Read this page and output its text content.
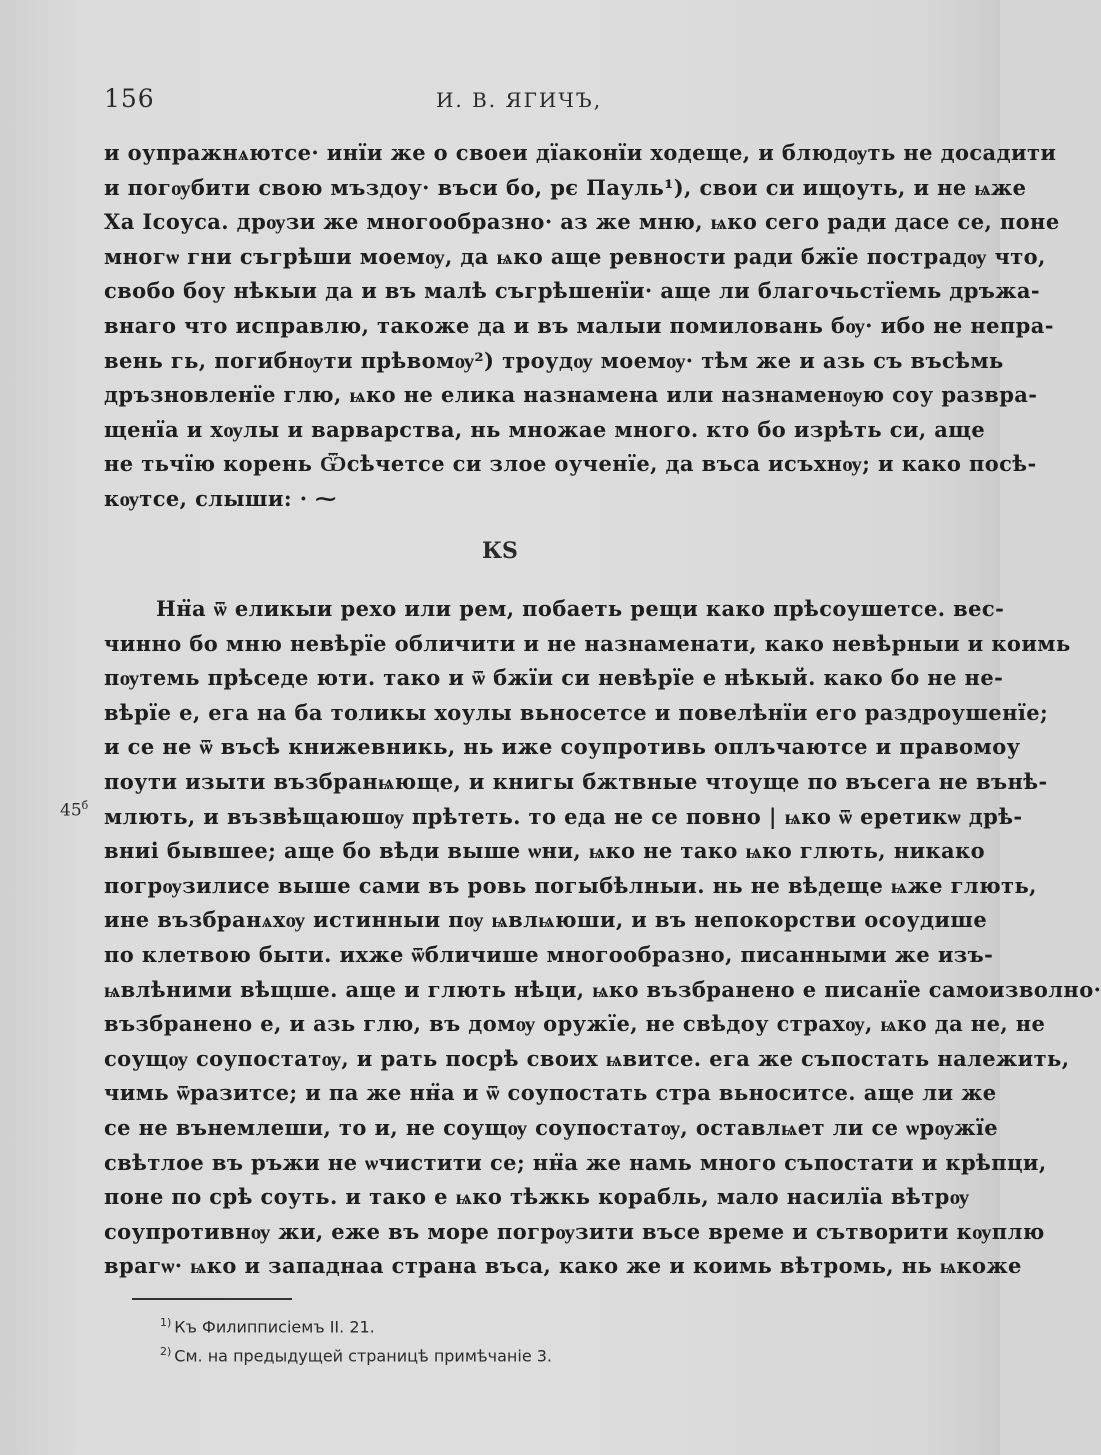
156	И. В. ЯГИЧЪ,
и оупражнѧютсе· инїи же о своеи дїаконїи ходеще, и блюдѹть не досадити
и погѹбити свою мъздоу· въси бо, рє Пауль¹), свои си ищоуть, и не ѩже
Ха Ісоуса. дрѹзи же многообразно· аз же мню, ѩко сего ради дасе се, поне
многѡ гни съгрѣши моемѹ, да ѩко аще ревности ради бжїе пострадѹ что,
свобо боу нѣкыи да и въ малѣ съгрѣшенїи· аще ли благочьстїемь дръжа-
внаго что исправлю, такоже да и въ малыи помиловань бѹ· ибо не непра-
вень гь, погибнѹти прѣвомѹ²) троудѹ моемѹ· тѣм же и азь съ въсѣмь
дръзновленїе глю, ѩко не елика назнамена или назнаменѹю соу развра-
щенїа и хѹлы и варварства, нь множае много. кто бо изрѣть си, аще
не тьчїю корень Ѿсѣчетсе си злое оученїе, да въса исъхнѹ; и како посѣ-
кѹтсе, слыши: · ⁓
КЅ
Нн̈а ѿ еликыи рехо или рем, побаеть рещи како прѣсоушетсе. вес-
чинно бо мню невѣрїе обличити и не назнаменати, како невѣрныи и коимь
пѹтемь прѣседе юти. тако и ѿ бжїи си невѣрїе е нѣкый. како бо не не-
вѣрїе е, ега на ба толикы хоулы вьносетсе и повелѣнїи его раздроушенїе;
и се не ѿ въсѣ книжевникь, нь иже соупротивь оплъчаютсе и правомоу
поути изыти възбранѩюще, и книгы бжтвные чтоуще по въсега не вънѣ-
млють, и възвѣщаюшѹ прѣтеть. то еда не се повно | ѩко ѿ еретикѡ дрѣ-
вниi бывшее; аще бо вѣди выше ѡни, ѩко не тако ѩко глють, никако
погрѹзилисе выше сами въ ровь погыбѣлныи. нь не вѣдеще ѩже глють,
ине възбранѧхѹ истинныи пѹ ѩвлѩюши, и въ непокорстви осоудише
по клетвою быти. ихже ѿбличише многообразно, писанными же изъ-
ѩвлѣними вѣщше. аще и глють нѣци, ѩко възбранено е писанїе самоизволно·
възбранено е, и азь глю, въ домѹ оружїе, не свѣдоу страхѹ, ѩко да не, не
соущѹ соупостатѹ, и рать посрѣ своих ѩвитсе. ега же съпостать належить,
чимь ѿразитсе; и па же нн̈а и ѿ соупостать стра вьноситсе. аще ли же
се не вънемлеши, то и, не соущѹ соупостатѹ, оставлѩет ли се ѡрѹжїе
свѣтлое въ ръжи не ѡчистити се; нн̈а же намь много съпостати и крѣпци,
поне по срѣ соуть. и тако е ѩко тѣжкь корабль, мало насилїа вѣтрѹ
соупротивнѹ жи, еже въ море погрѹзити въсе време и сътворити кѹплю
врагѡ· ѩко и западнаа страна въса, како же и коимь вѣтромь, нь ѩкоже
$45^б$
$^{1)}$ Къ Филипписiемъ II. 21.
$^{2)}$ См. на предыдущей страницѣ примѣчанiе 3.
